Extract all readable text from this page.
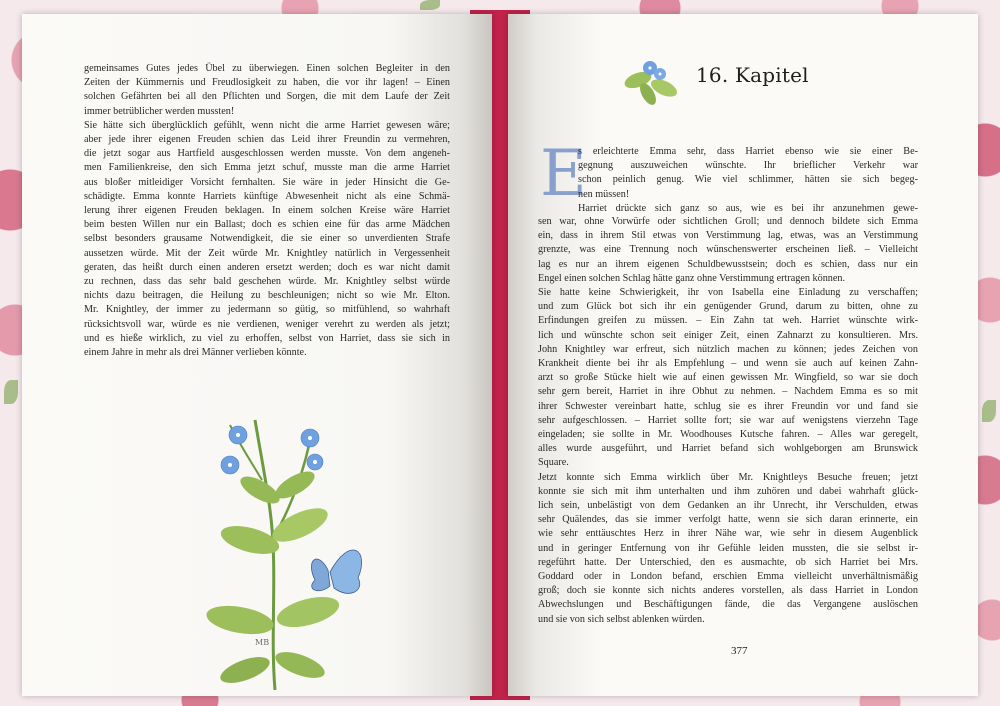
gemeinsames Gutes jedes Übel zu überwiegen. Einen solchen Begleiter in den
Zeiten der Kümmernis und Freudlosigkeit zu haben, die vor ihr lagen! – Einen
solchen Gefährten bei all den Pflichten und Sorgen, die mit dem Laufe der Zeit
immer betrüblicher werden mussten!
Sie hätte sich überglücklich gefühlt, wenn nicht die arme Harriet gewesen wäre;
aber jede ihrer eigenen Freuden schien das Leid ihrer Freundin zu vermehren,
die jetzt sogar aus Hartfield ausgeschlossen werden musste. Von dem angeneh-
men Familienkreise, den sich Emma jetzt schuf, musste man die arme Harriet
aus bloßer mitleidiger Vorsicht fernhalten. Sie wäre in jeder Hinsicht die Ge-
schädigte. Emma konnte Harriets künftige Abwesenheit nicht als eine Schmä-
lerung ihrer eigenen Freuden beklagen. In einem solchen Kreise wäre Harriet
beim besten Willen nur ein Ballast; doch es schien eine für das arme Mädchen
selbst besonders grausame Notwendigkeit, die sie einer so unverdienten Strafe
aussetzen würde. Mit der Zeit würde Mr. Knightley natürlich in Vergessenheit
geraten, das heißt durch einen anderen ersetzt werden; doch es war nicht damit
zu rechnen, dass das sehr bald geschehen würde. Mr. Knightley selbst würde
nichts dazu beitragen, die Heilung zu beschleunigen; nicht so wie Mr. Elton.
Mr. Knightley, der immer zu jedermann so gütig, so mitfühlend, so wahrhaft
rücksichtsvoll war, würde es nie verdienen, weniger verehrt zu werden als jetzt;
und es hieße wirklich, zu viel zu erhoffen, selbst von Harriet, dass sie sich in
einem Jahre in mehr als drei Männer verlieben könnte.
MB
16. Kapitel
E
s erleichterte Emma sehr, dass Harriet ebenso wie sie einer Be-
gegnung auszuweichen wünschte. Ihr brieflicher Verkehr war
schon peinlich genug. Wie viel schlimmer, hätten sie sich begeg-
nen müssen!
Harriet drückte sich ganz so aus, wie es bei ihr anzunehmen gewe-
sen war, ohne Vorwürfe oder sichtlichen Groll; und dennoch bildete sich Emma
ein, dass in ihrem Stil etwas von Verstimmung lag, etwas, was an Verstimmung
grenzte, was eine Trennung noch wünschenswerter erscheinen ließ. – Vielleicht
lag es nur an ihrem eigenen Schuldbewusstsein; doch es schien, dass nur ein
Engel einen solchen Schlag hätte ganz ohne Verstimmung ertragen können.
Sie hatte keine Schwierigkeit, ihr von Isabella eine Einladung zu verschaffen;
und zum Glück bot sich ihr ein genügender Grund, darum zu bitten, ohne zu
Erfindungen greifen zu müssen. – Ein Zahn tat weh. Harriet wünschte wirk-
lich und wünschte schon seit einiger Zeit, einen Zahnarzt zu konsultieren. Mrs.
John Knightley war erfreut, sich nützlich machen zu können; jedes Zeichen von
Krankheit diente bei ihr als Empfehlung – und wenn sie auch auf keinen Zahn-
arzt so große Stücke hielt wie auf einen gewissen Mr. Wingfield, so war sie doch
sehr gern bereit, Harriet in ihre Obhut zu nehmen. – Nachdem Emma es so mit
ihrer Schwester vereinbart hatte, schlug sie es ihrer Freundin vor und fand sie
sehr aufgeschlossen. – Harriet sollte fort; sie war auf wenigstens vierzehn Tage
eingeladen; sie sollte in Mr. Woodhouses Kutsche fahren. – Alles war geregelt,
alles wurde ausgeführt, und Harriet befand sich wohlgeborgen am Brunswick
Square.
Jetzt konnte sich Emma wirklich über Mr. Knightleys Besuche freuen; jetzt
konnte sie sich mit ihm unterhalten und ihm zuhören und dabei wahrhaft glück-
lich sein, unbelästigt von dem Gedanken an ihr Unrecht, ihr Verschulden, etwas
sehr Quälendes, das sie immer verfolgt hatte, wenn sie sich daran erinnerte, ein
wie sehr enttäuschtes Herz in ihrer Nähe war, wie sehr in diesem Augenblick
und in geringer Entfernung von ihr Gefühle leiden mussten, die sie selbst ir-
regeführt hatte. Der Unterschied, den es ausmachte, ob sich Harriet bei Mrs.
Goddard oder in London befand, erschien Emma vielleicht unverhältnismäßig
groß; doch sie konnte sich nichts anderes vorstellen, als dass Harriet in London
Abwechslungen und Beschäftigungen fände, die das Vergangene auslöschen
und sie von sich selbst ablenken würden.
377
